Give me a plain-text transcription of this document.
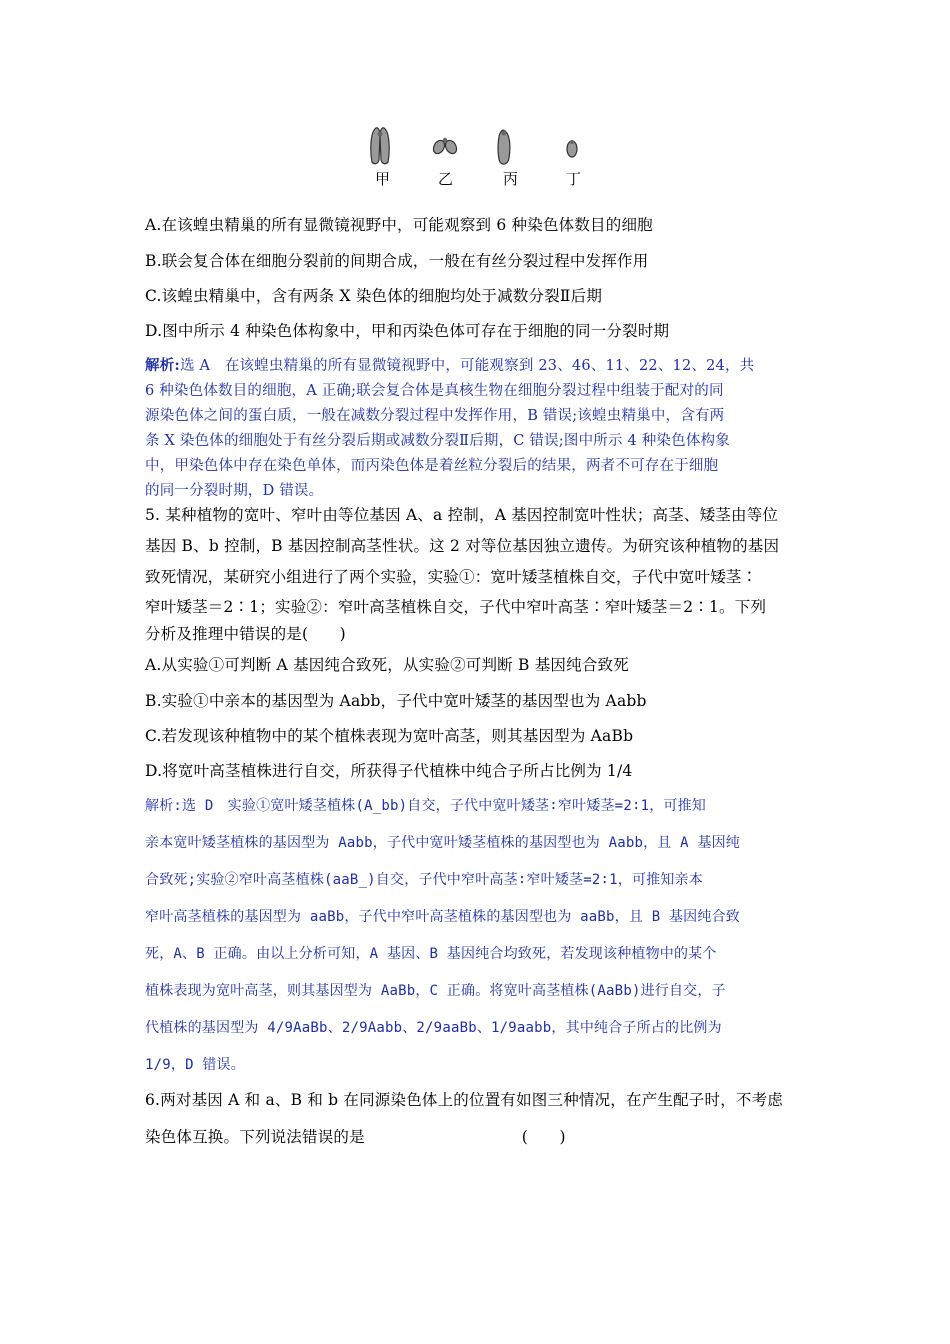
甲	乙	丙	丁
A.在该蝗虫精巢的所有显微镜视野中，可能观察到 6 种染色体数目的细胞
B.联会复合体在细胞分裂前的间期合成，一般在有丝分裂过程中发挥作用
C.该蝗虫精巢中，含有两条 X 染色体的细胞均处于减数分裂Ⅱ后期
D.图中所示 4 种染色体构象中，甲和丙染色体可存在于细胞的同一分裂时期
解析:选 A　在该蝗虫精巢的所有显微镜视野中，可能观察到 23、46、11、22、12、24，共
6 种染色体数目的细胞，A 正确;联会复合体是真核生物在细胞分裂过程中组装于配对的同
源染色体之间的蛋白质，一般在减数分裂过程中发挥作用，B 错误;该蝗虫精巢中，含有两
条 X 染色体的细胞处于有丝分裂后期或减数分裂Ⅱ后期，C 错误;图中所示 4 种染色体构象
中，甲染色体中存在染色单体，而丙染色体是着丝粒分裂后的结果，两者不可存在于细胞
的同一分裂时期，D 错误。
5. 某种植物的宽叶、窄叶由等位基因 A、a 控制，A 基因控制宽叶性状；高茎、矮茎由等位
基因 B、b 控制，B 基因控制高茎性状。这 2 对等位基因独立遗传。为研究该种植物的基因
致死情况，某研究小组进行了两个实验，实验①：宽叶矮茎植株自交，子代中宽叶矮茎∶
窄叶矮茎＝2∶1；实验②：窄叶高茎植株自交，子代中窄叶高茎∶窄叶矮茎＝2∶1。下列
分析及推理中错误的是(　　)
A.从实验①可判断 A 基因纯合致死，从实验②可判断 B 基因纯合致死
B.实验①中亲本的基因型为 Aabb，子代中宽叶矮茎的基因型也为 Aabb
C.若发现该种植物中的某个植株表现为宽叶高茎，则其基因型为 AaBb
D.将宽叶高茎植株进行自交，所获得子代植株中纯合子所占比例为 1/4
解析:选 D　实验①宽叶矮茎植株(A_bb)自交，子代中宽叶矮茎∶窄叶矮茎=2∶1，可推知
亲本宽叶矮茎植株的基因型为 Aabb，子代中宽叶矮茎植株的基因型也为 Aabb，且 A 基因纯
合致死;实验②窄叶高茎植株(aaB_)自交，子代中窄叶高茎∶窄叶矮茎=2∶1，可推知亲本
窄叶高茎植株的基因型为 aaBb，子代中窄叶高茎植株的基因型也为 aaBb，且 B 基因纯合致
死，A、B 正确。由以上分析可知，A 基因、B 基因纯合均致死，若发现该种植物中的某个
植株表现为宽叶高茎，则其基因型为 AaBb，C 正确。将宽叶高茎植株(AaBb)进行自交，子
代植株的基因型为 4/9AaBb、2/9Aabb、2/9aaBb、1/9aabb，其中纯合子所占的比例为
1/9，D 错误。
6.两对基因 A 和 a、B 和 b 在同源染色体上的位置有如图三种情况，在产生配子时，不考虑
染色体互换。下列说法错误的是　　　　　　　　　　(　　)
